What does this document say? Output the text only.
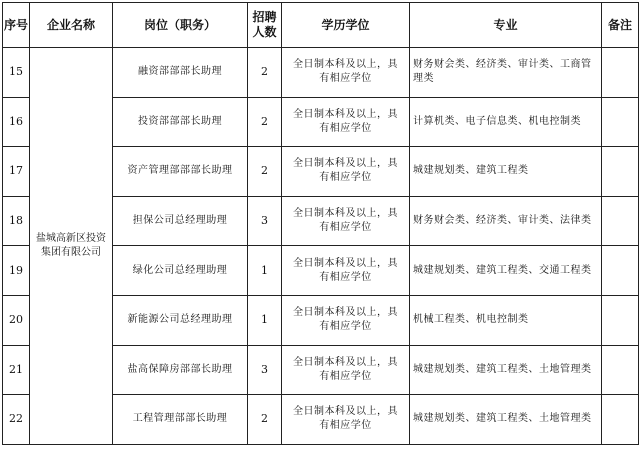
序号	企业名称	岗位（职务）	招聘人数	学历学位	专业	备注
15	盐城高新区投资集团有限公司	融资部部部长助理	2	全日制本科及以上，具有相应学位	财务财会类、经济类、审计类、工商管理类	
16		投资部部部长助理	2	全日制本科及以上，具有相应学位	计算机类、电子信息类、机电控制类	
17		资产管理部部部长助理	2	全日制本科及以上，具有相应学位	城建规划类、建筑工程类	
18		担保公司总经理助理	3	全日制本科及以上，具有相应学位	财务财会类、经济类、审计类、法律类	
19		绿化公司总经理助理	1	全日制本科及以上，具有相应学位	城建规划类、建筑工程类、交通工程类	
20		新能源公司总经理助理	1	全日制本科及以上，具有相应学位	机械工程类、机电控制类	
21		盐高保障房部部长助理	3	全日制本科及以上，具有相应学位	城建规划类、建筑工程类、土地管理类	
22		工程管理部部长助理	2	全日制本科及以上，具有相应学位	城建规划类、建筑工程类、土地管理类	
